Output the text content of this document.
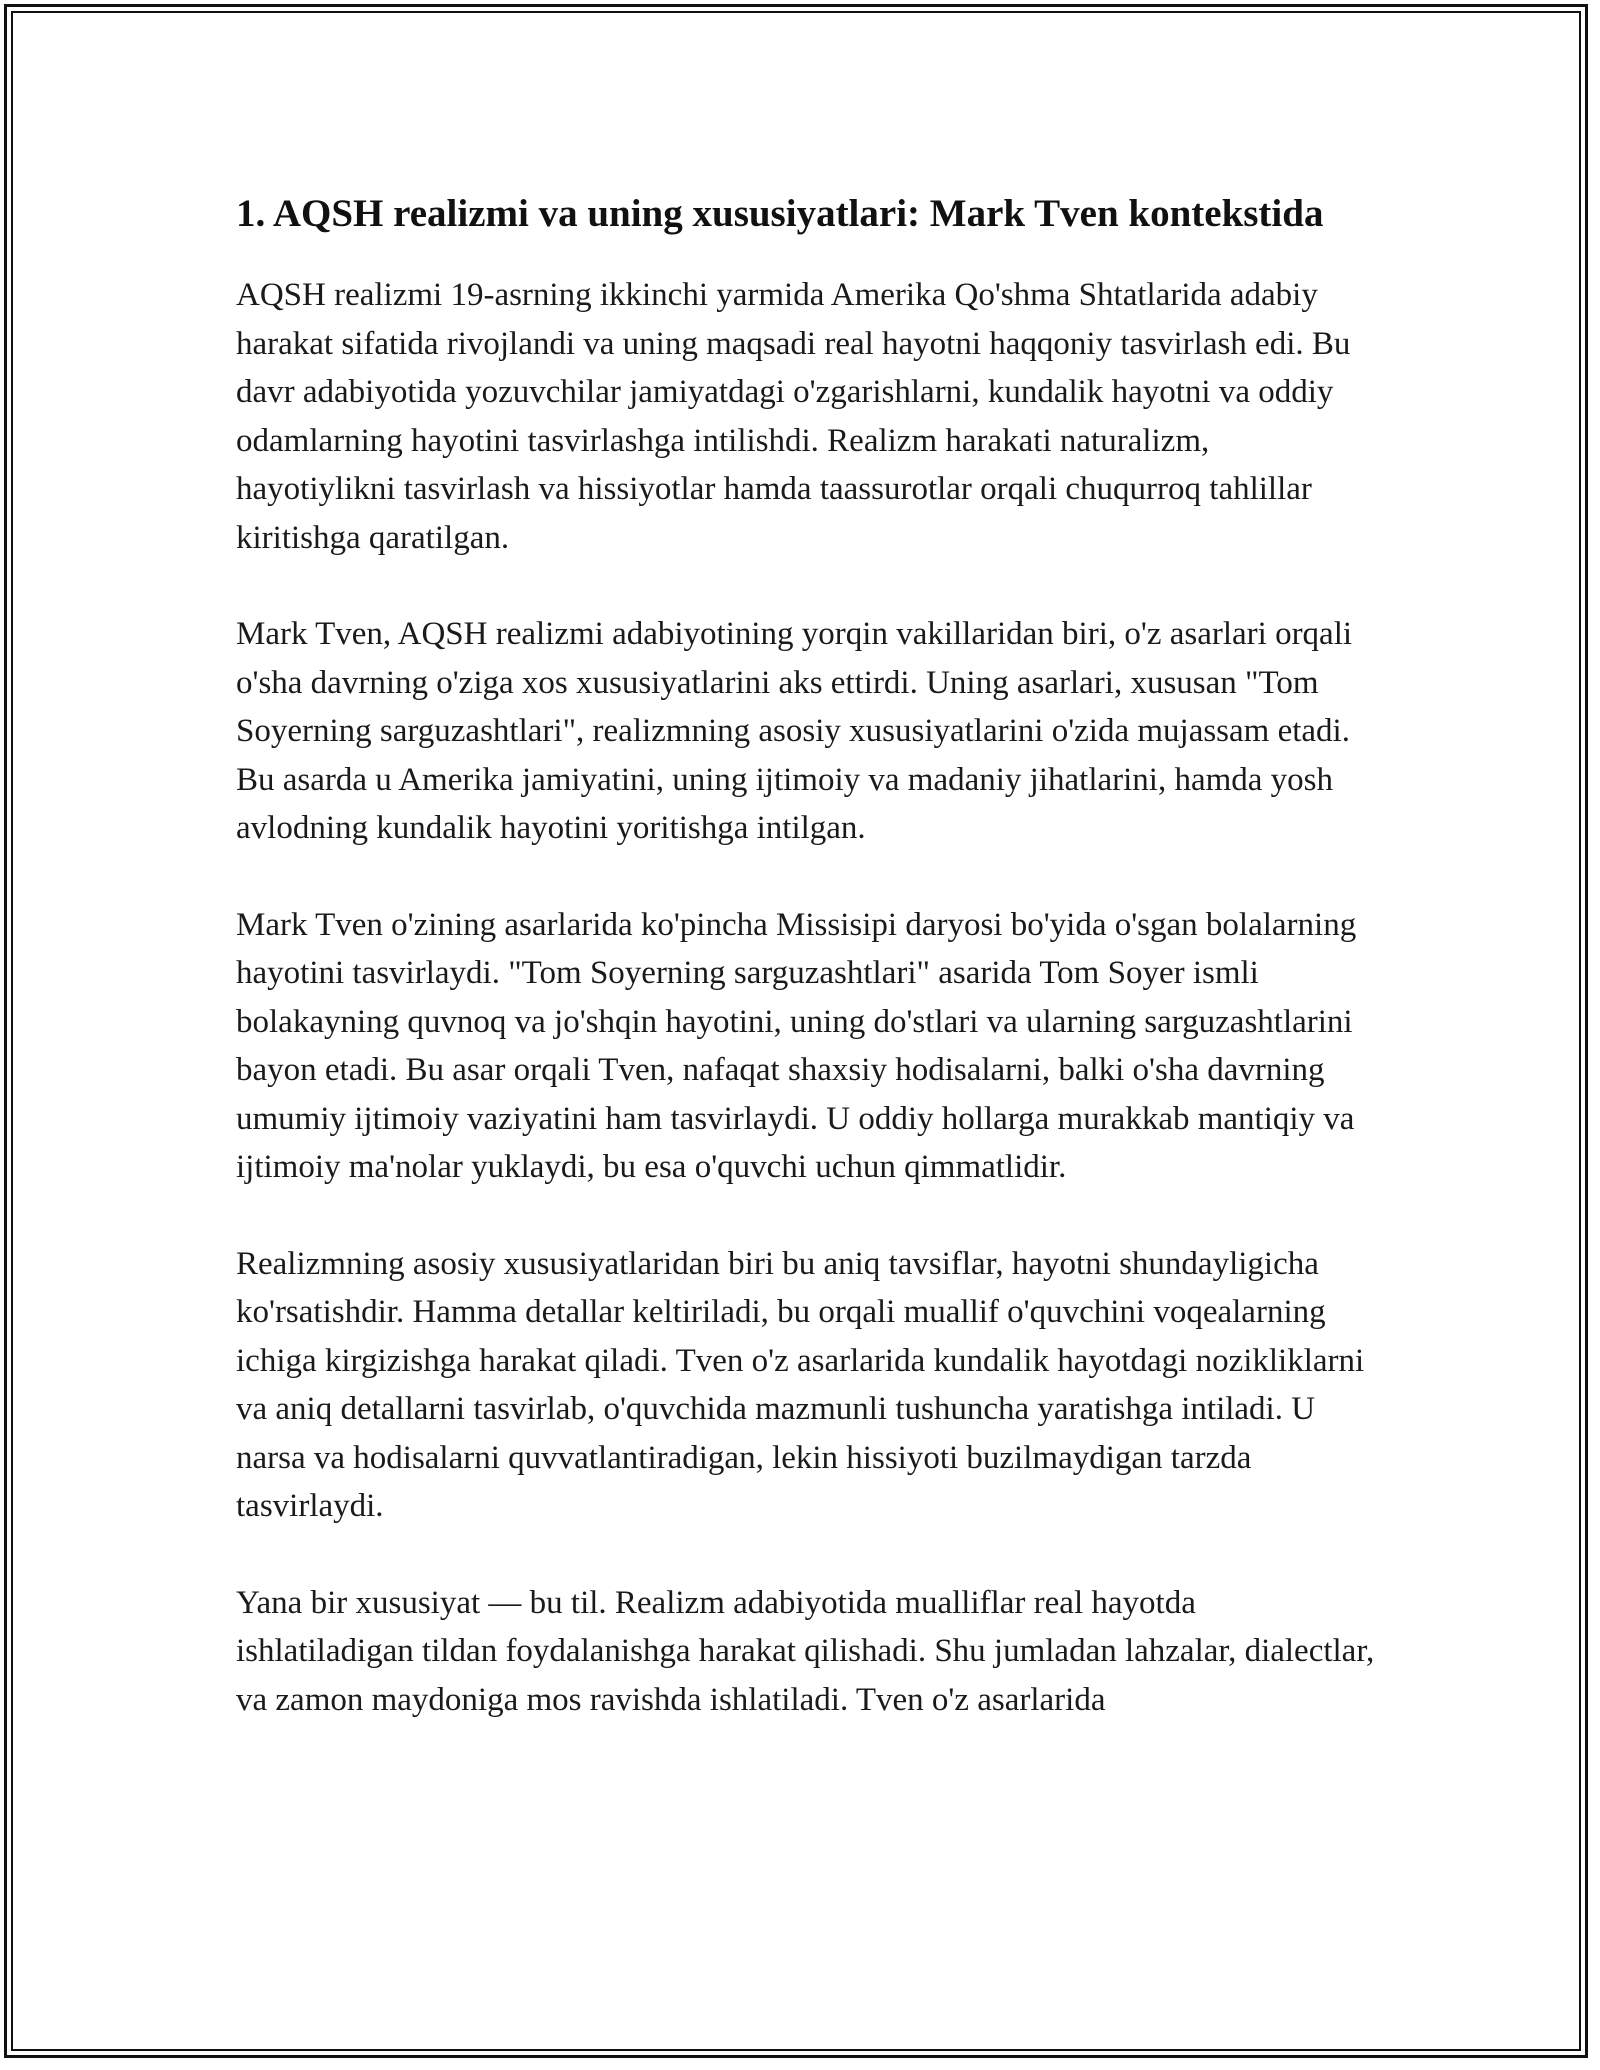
1. AQSH realizmi va uning xususiyatlari: Mark Tven kontekstida

AQSH realizmi 19-asrning ikkinchi yarmida Amerika Qo'shma Shtatlarida adabiy harakat sifatida rivojlandi va uning maqsadi real hayotni haqqoniy tasvirlash edi. Bu davr adabiyotida yozuvchilar jamiyatdagi o'zgarishlarni, kundalik hayotni va oddiy odamlarning hayotini tasvirlashga intilishdi. Realizm harakati naturalizm, hayotiylikni tasvirlash va hissiyotlar hamda taassurotlar orqali chuqurroq tahlillar kiritishga qaratilgan.

Mark Tven, AQSH realizmi adabiyotining yorqin vakillaridan biri, o'z asarlari orqali o'sha davrning o'ziga xos xususiyatlarini aks ettirdi. Uning asarlari, xususan "Tom Soyerning sarguzashtlari", realizmning asosiy xususiyatlarini o'zida mujassam etadi. Bu asarda u Amerika jamiyatini, uning ijtimoiy va madaniy jihatlarini, hamda yosh avlodning kundalik hayotini yoritishga intilgan.

Mark Tven o'zining asarlarida ko'pincha Missisipi daryosi bo'yida o'sgan bolalarning hayotini tasvirlaydi. "Tom Soyerning sarguzashtlari" asarida Tom Soyer ismli bolakayning quvnoq va jo'shqin hayotini, uning do'stlari va ularning sarguzashtlarini bayon etadi. Bu asar orqali Tven, nafaqat shaxsiy hodisalarni, balki o'sha davrning umumiy ijtimoiy vaziyatini ham tasvirlaydi. U oddiy hollarga murakkab mantiqiy va ijtimoiy ma'nolar yuklaydi, bu esa o'quvchi uchun qimmatlidir.

Realizmning asosiy xususiyatlaridan biri bu aniq tavsiflar, hayotni shundayligicha ko'rsatishdir. Hamma detallar keltiriladi, bu orqali muallif o'quvchini voqealarning ichiga kirgizishga harakat qiladi. Tven o'z asarlarida kundalik hayotdagi nozikliklarni va aniq detallarni tasvirlab, o'quvchida mazmunli tushuncha yaratishga intiladi. U narsa va hodisalarni quvvatlantiradigan, lekin hissiyoti buzilmaydigan tarzda tasvirlaydi.

Yana bir xususiyat — bu til. Realizm adabiyotida mualliflar real hayotda ishlatiladigan tildan foydalanishga harakat qilishadi. Shu jumladan lahzalar, dialectlar, va zamon maydoniga mos ravishda ishlatiladi. Tven o'z asarlarida
